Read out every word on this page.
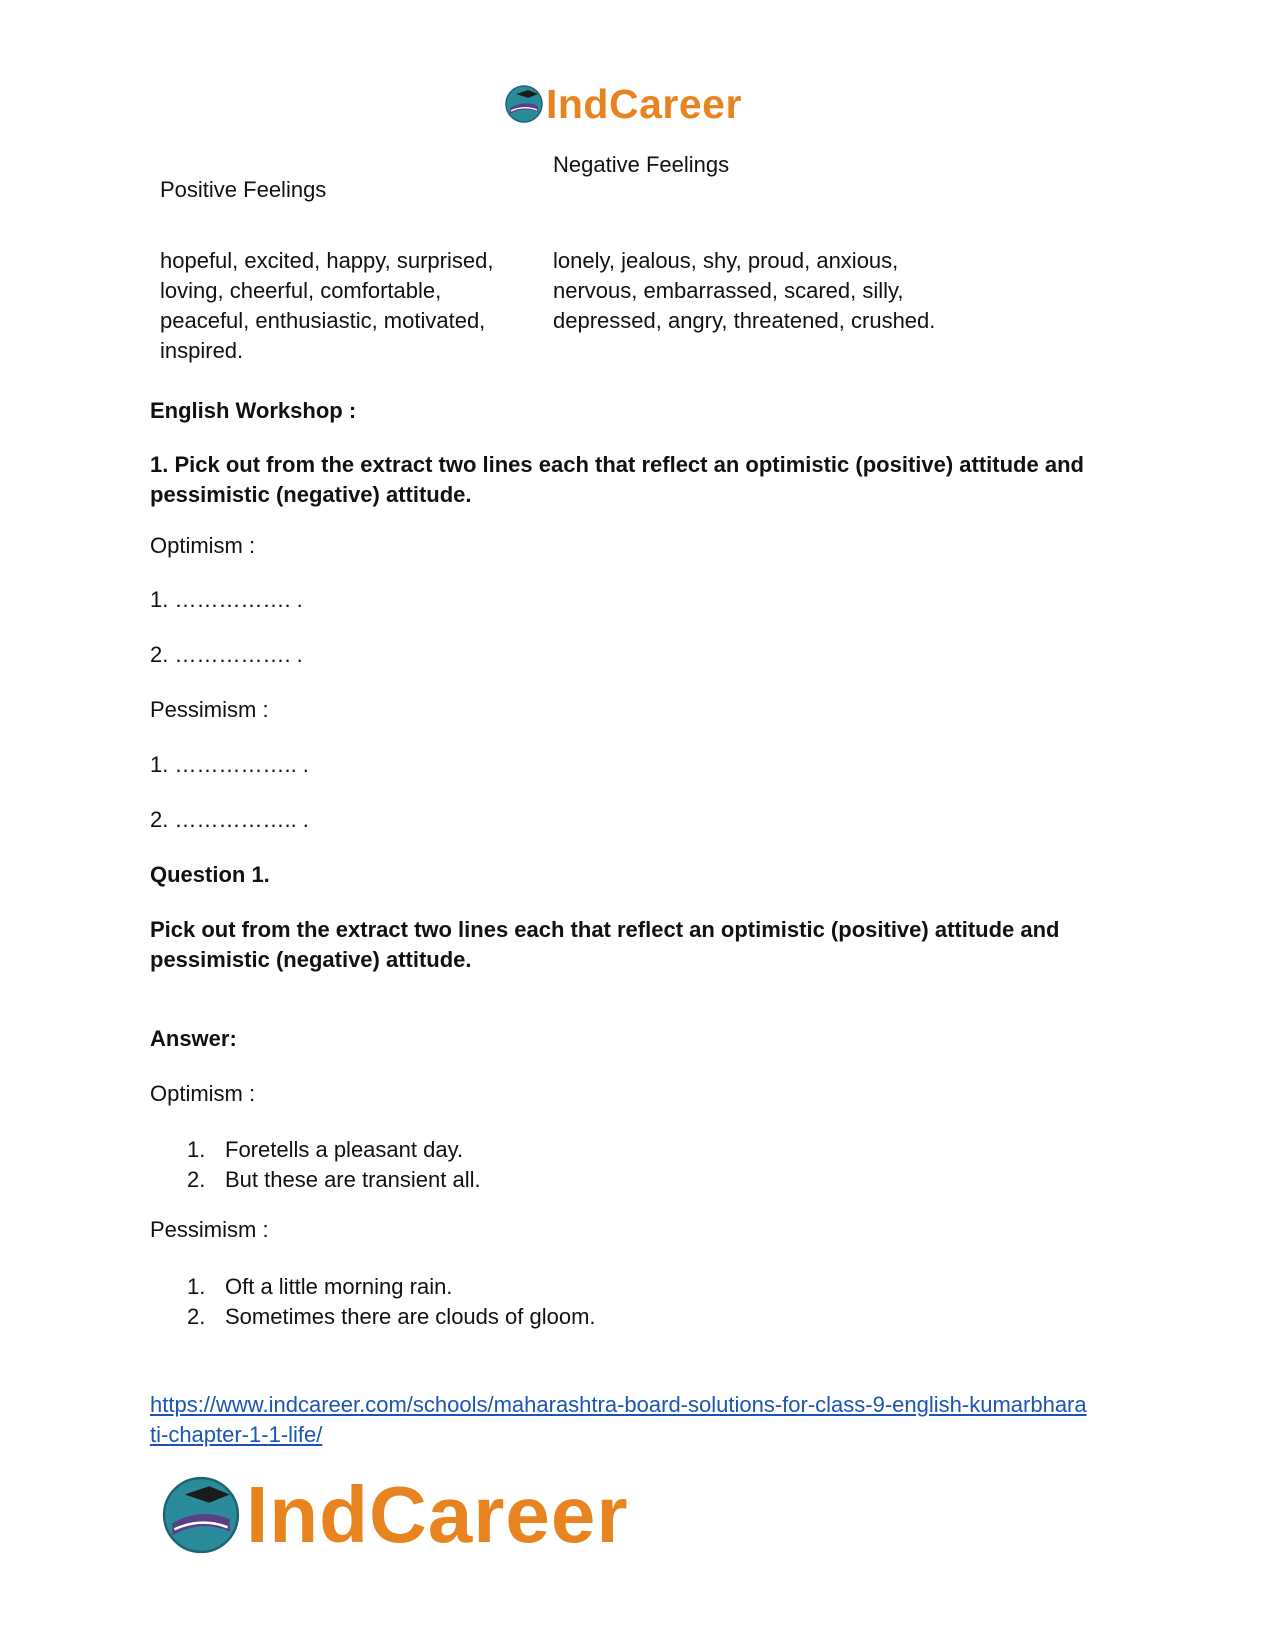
IndCareer
Negative Feelings
Positive Feelings

hopeful, excited, happy, surprised,

loving, cheerful, comfortable,

peaceful, enthusiastic, motivated,

inspired.

lonely, jealous, shy, proud, anxious,

nervous, embarrassed, scared, silly,

depressed, angry, threatened, crushed.

English Workshop :

1. Pick out from the extract two lines each that reflect an optimistic (positive) attitude and

pessimistic (negative) attitude.

Optimism :
1. ……………. .
2. ……………. .
Pessimism :
1. …………….. .
2. …………….. .
Question 1.

Pick out from the extract two lines each that reflect an optimistic (positive) attitude and

pessimistic (negative) attitude.

Answer:
Optimism :
1. Foretells a pleasant day.
2. But these are transient all.
Pessimism :
1. Oft a little morning rain.
2. Sometimes there are clouds of gloom.
https://www.indcareer.com/schools/maharashtra-board-solutions-for-class-9-english-kumarbhara
ti-chapter-1-1-life/
IndCareer
